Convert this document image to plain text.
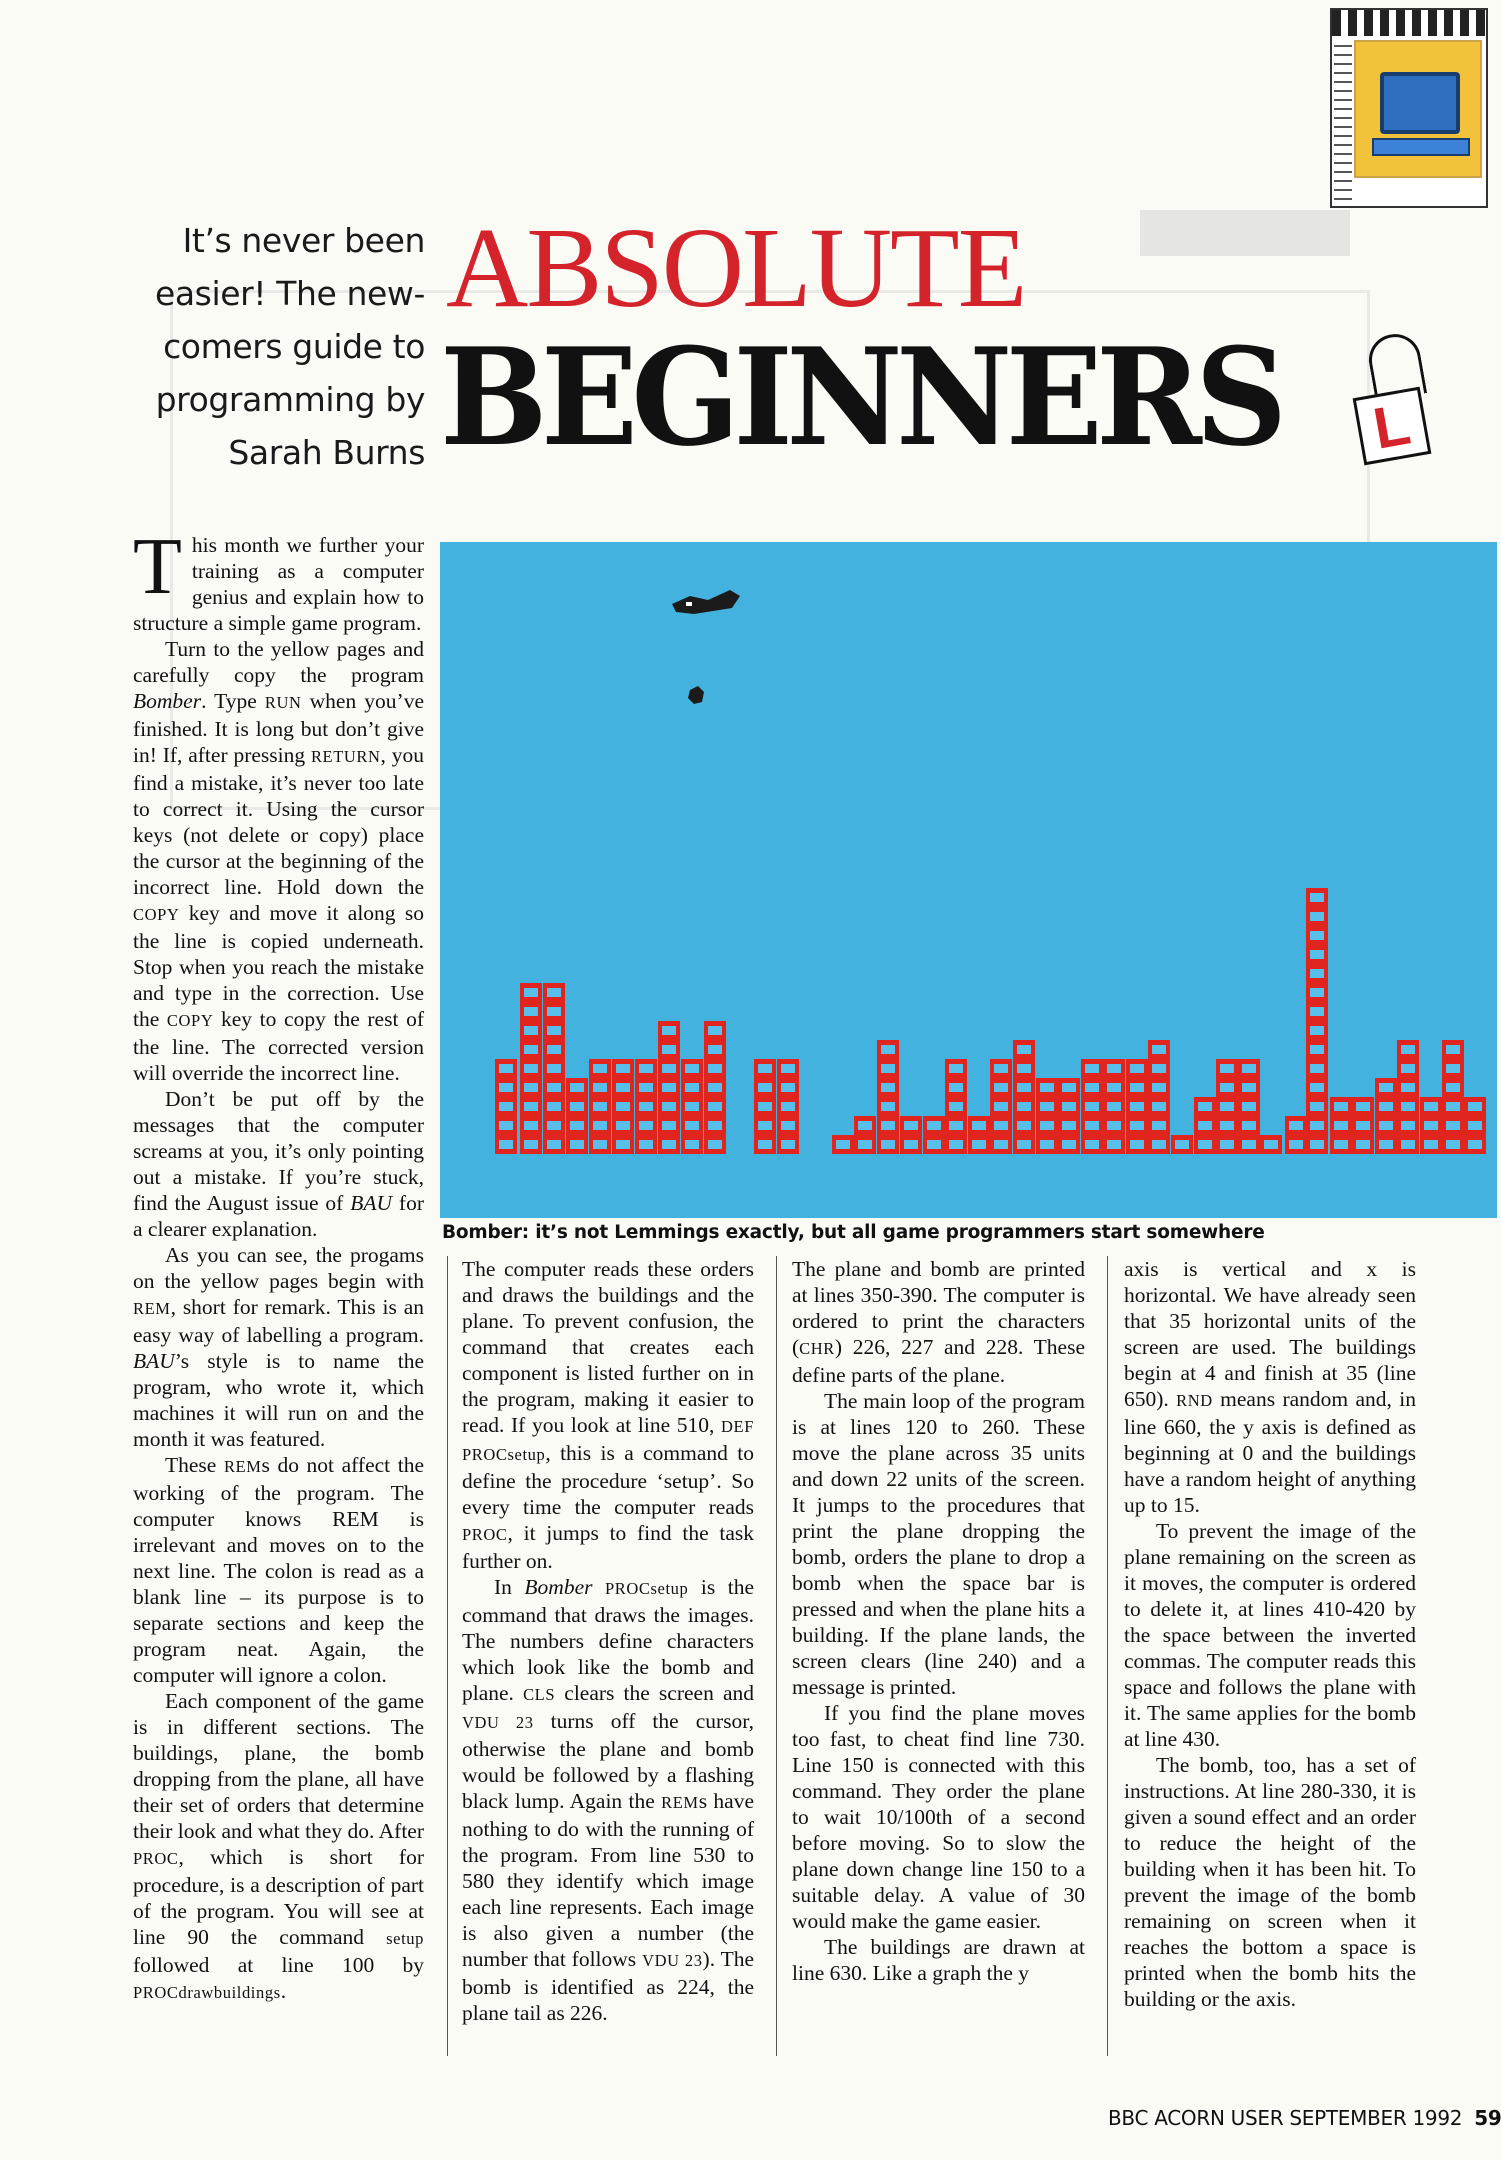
It’s never been
easier! The new-
comers guide to
programming by
Sarah Burns
ABSOLUTE
BEGINNERS L
Bomber: it’s not Lemmings exactly, but all game programmers start somewhere

This month we further your training as a computer genius and explain how to structure a simple game program.

Turn to the yellow pages and carefully copy the program Bomber. Type RUN when you’ve finished. It is long but don’t give in! If, after pressing RETURN, you find a mistake, it’s never too late to correct it. Using the cursor keys (not delete or copy) place the cursor at the beginning of the incorrect line. Hold down the COPY key and move it along so the line is copied underneath. Stop when you reach the mistake and type in the correction. Use the COPY key to copy the rest of the line. The corrected version will override the incorrect line.

Don’t be put off by the messages that the computer screams at you, it’s only pointing out a mistake. If you’re stuck, find the August issue of BAU for a clearer explanation.

As you can see, the progams on the yellow pages begin with REM, short for remark. This is an easy way of labelling a program. BAU’s style is to name the program, who wrote it, which machines it will run on and the month it was featured.

These REMs do not affect the working of the program. The computer knows REM is irrelevant and moves on to the next line. The colon is read as a blank line – its purpose is to separate sections and keep the program neat. Again, the computer will ignore a colon.

Each component of the game is in different sections. The buildings, plane, the bomb dropping from the plane, all have their set of orders that determine their look and what they do. After PROC, which is short for procedure, is a description of part of the program. You will see at line 90 the command setup followed at line 100 by PROCdrawbuildings.

The computer reads these orders and draws the buildings and the plane. To prevent confusion, the command that creates each component is listed further on in the program, making it easier to read. If you look at line 510, DEF PROCsetup, this is a command to define the procedure ‘setup’. So every time the computer reads PROC, it jumps to find the task further on.

In Bomber PROCsetup is the command that draws the images. The numbers define characters which look like the bomb and plane. CLS clears the screen and VDU 23 turns off the cursor, otherwise the plane and bomb would be followed by a flashing black lump. Again the REMs have nothing to do with the running of the program. From line 530 to 580 they identify which image each line represents. Each image is also given a number (the number that follows VDU 23). The bomb is identified as 224, the plane tail as 226.

The plane and bomb are printed at lines 350-390. The computer is ordered to print the characters (CHR) 226, 227 and 228. These define parts of the plane.

The main loop of the program is at lines 120 to 260. These move the plane across 35 units and down 22 units of the screen. It jumps to the procedures that print the plane dropping the bomb, orders the plane to drop a bomb when the space bar is pressed and when the plane hits a building. If the plane lands, the screen clears (line 240) and a message is printed.

If you find the plane moves too fast, to cheat find line 730. Line 150 is connected with this command. They order the plane to wait 10/100th of a second before moving. So to slow the plane down change line 150 to a suitable delay. A value of 30 would make the game easier.

The buildings are drawn at line 630. Like a graph the y

axis is vertical and x is horizontal. We have already seen that 35 horizontal units of the screen are used. The buildings begin at 4 and finish at 35 (line 650). RND means random and, in line 660, the y axis is defined as beginning at 0 and the buildings have a random height of anything up to 15.

To prevent the image of the plane remaining on the screen as it moves, the computer is ordered to delete it, at lines 410-420 by the space between the inverted commas. The computer reads this space and follows the plane with it. The same applies for the bomb at line 430.

The bomb, too, has a set of instructions. At line 280-330, it is given a sound effect and an order to reduce the height of the building when it has been hit. To prevent the image of the bomb remaining on screen when it reaches the bottom a space is printed when the bomb hits the building or the axis.

BBC ACORN USER SEPTEMBER 1992 59
